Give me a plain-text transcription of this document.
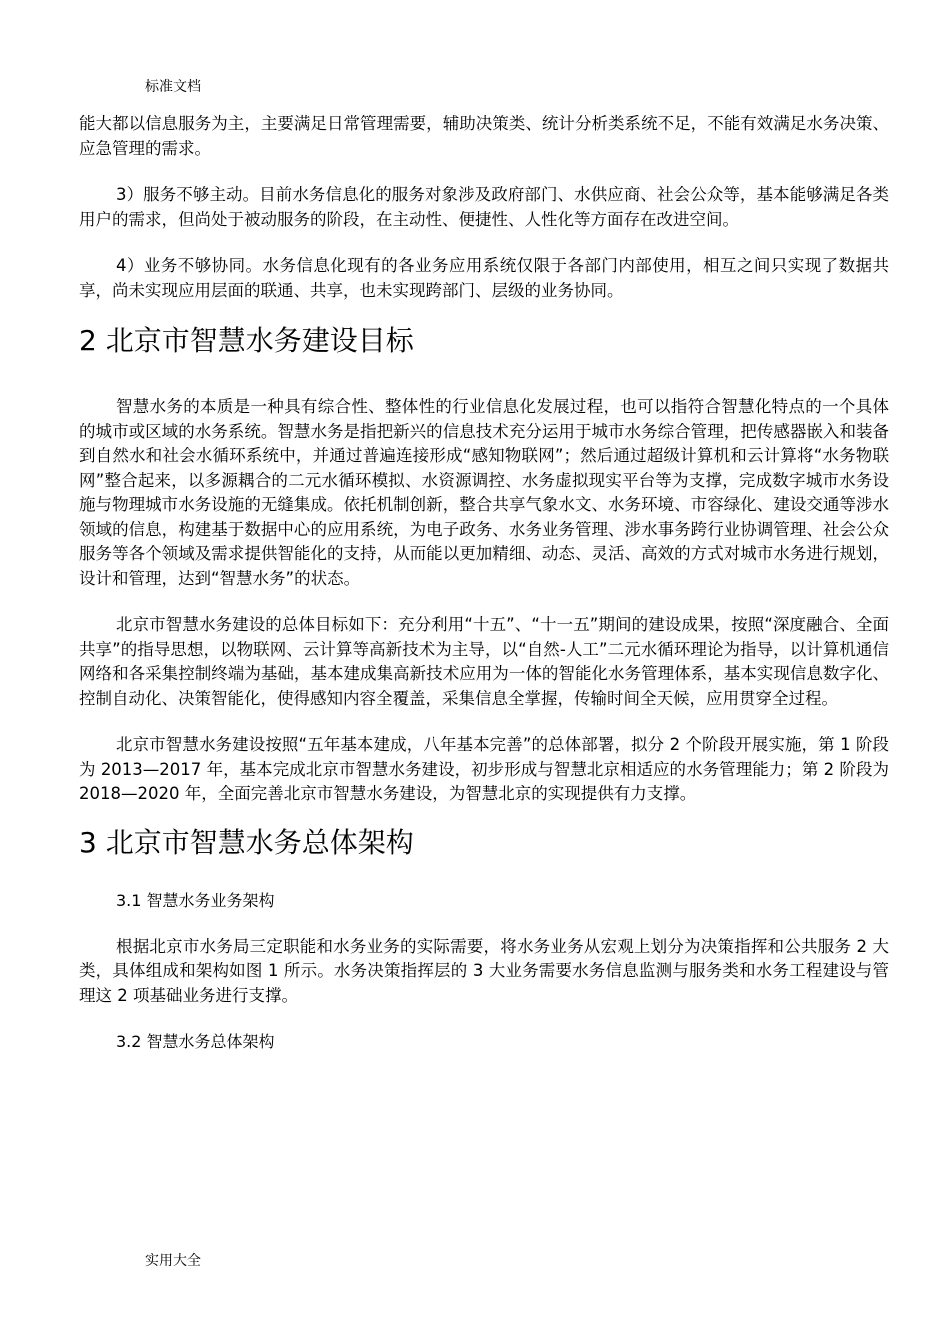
标准文档

能大都以信息服务为主，主要满足日常管理需要，辅助决策类、统计分析类系统不足，不能有效满足水务决策、应急管理的需求。

3）服务不够主动。目前水务信息化的服务对象涉及政府部门、水供应商、社会公众等，基本能够满足各类用户的需求，但尚处于被动服务的阶段，在主动性、便捷性、人性化等方面存在改进空间。

4）业务不够协同。水务信息化现有的各业务应用系统仅限于各部门内部使用，相互之间只实现了数据共享，尚未实现应用层面的联通、共享，也未实现跨部门、层级的业务协同。

2 北京市智慧水务建设目标

智慧水务的本质是一种具有综合性、整体性的行业信息化发展过程，也可以指符合智慧化特点的一个具体的城市或区域的水务系统。智慧水务是指把新兴的信息技术充分运用于城市水务综合管理，把传感器嵌入和装备到自然水和社会水循环系统中，并通过普遍连接形成“感知物联网”；然后通过超级计算机和云计算将“水务物联网”整合起来，以多源耦合的二元水循环模拟、水资源调控、水务虚拟现实平台等为支撑，完成数字城市水务设施与物理城市水务设施的无缝集成。依托机制创新，整合共享气象水文、水务环境、市容绿化、建设交通等涉水领域的信息，构建基于数据中心的应用系统，为电子政务、水务业务管理、涉水事务跨行业协调管理、社会公众服务等各个领域及需求提供智能化的支持，从而能以更加精细、动态、灵活、高效的方式对城市水务进行规划，设计和管理，达到“智慧水务”的状态。

北京市智慧水务建设的总体目标如下：充分利用“十五”、“十一五”期间的建设成果，按照“深度融合、全面共享”的指导思想，以物联网、云计算等高新技术为主导，以“自然-人工”二元水循环理论为指导，以计算机通信网络和各采集控制终端为基础，基本建成集高新技术应用为一体的智能化水务管理体系，基本实现信息数字化、控制自动化、决策智能化，使得感知内容全覆盖，采集信息全掌握，传输时间全天候，应用贯穿全过程。

北京市智慧水务建设按照“五年基本建成，八年基本完善”的总体部署，拟分 2 个阶段开展实施，第 1 阶段为 2013—2017 年，基本完成北京市智慧水务建设，初步形成与智慧北京相适应的水务管理能力；第 2 阶段为 2018—2020 年，全面完善北京市智慧水务建设，为智慧北京的实现提供有力支撑。

3 北京市智慧水务总体架构
3.1 智慧水务业务架构

根据北京市水务局三定职能和水务业务的实际需要，将水务业务从宏观上划分为决策指挥和公共服务 2 大类，具体组成和架构如图 1 所示。水务决策指挥层的 3 大业务需要水务信息监测与服务类和水务工程建设与管理这 2 项基础业务进行支撑。

3.2 智慧水务总体架构
实用大全
